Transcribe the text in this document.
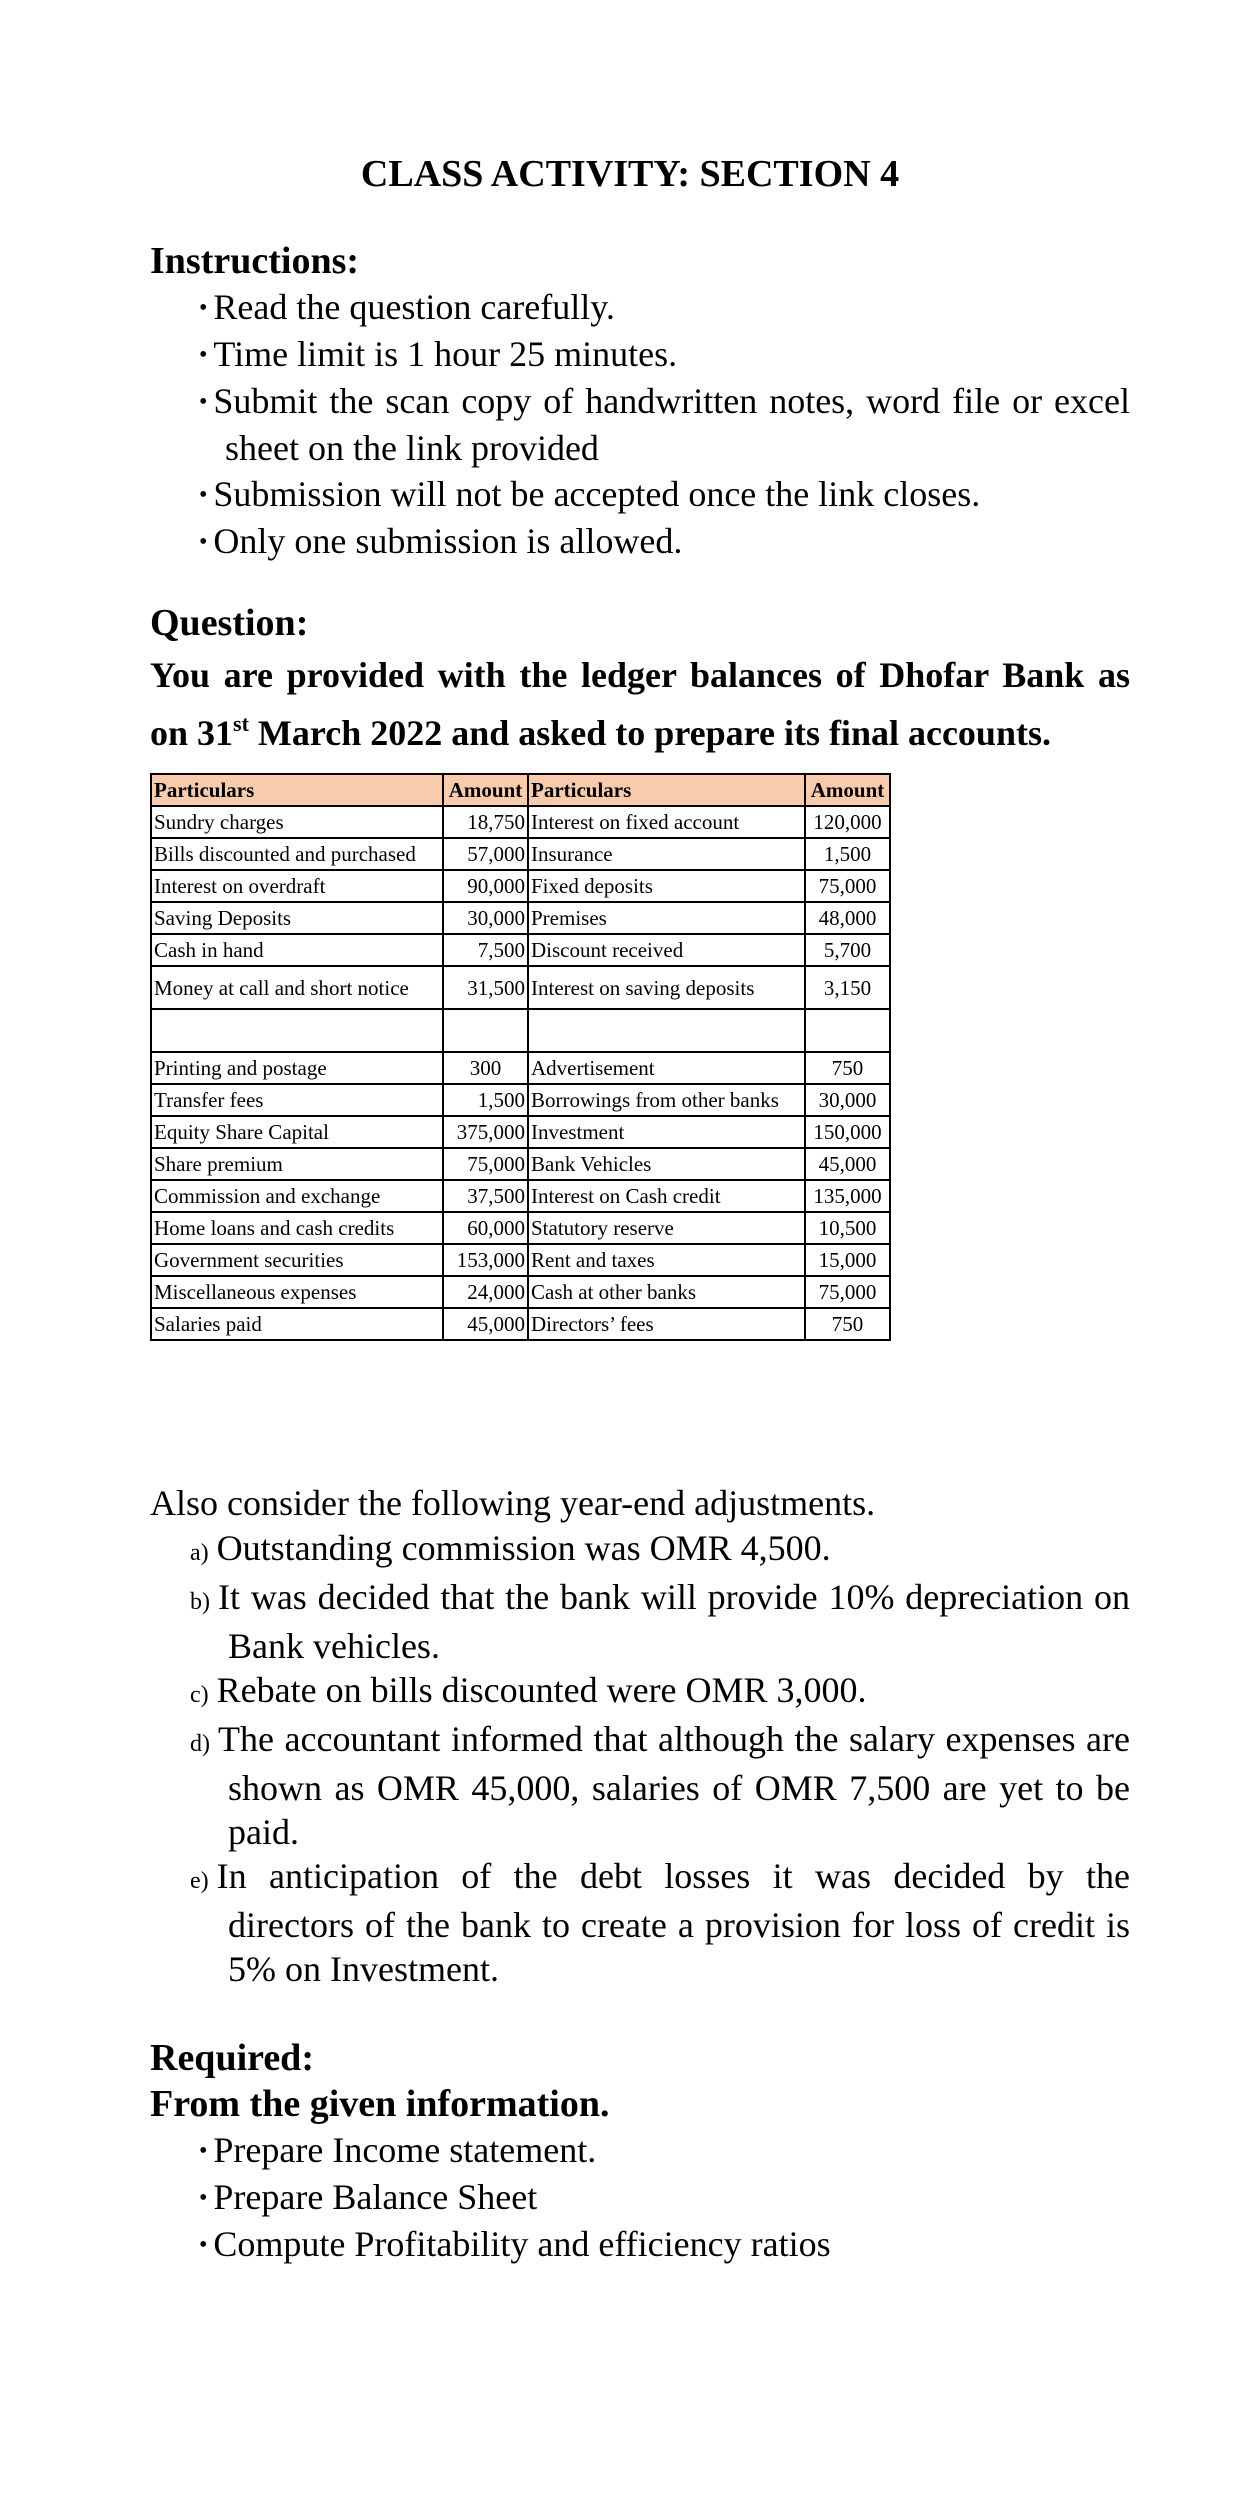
CLASS ACTIVITY: SECTION 4
Instructions:
• Read the question carefully.
• Time limit is 1 hour 25 minutes.
• Submit the scan copy of handwritten notes, word file or excel sheet on the link provided
• Submission will not be accepted once the link closes.
• Only one submission is allowed.
Question:
You are provided with the ledger balances of Dhofar Bank as on 31st March 2022 and asked to prepare its final accounts.
Particulars	Amount	Particulars	Amount
Sundry charges	18,750	Interest on fixed account	120,000
Bills discounted and purchased	57,000	Insurance	1,500
Interest on overdraft	90,000	Fixed deposits	75,000
Saving Deposits	30,000	Premises	48,000
Cash in hand	7,500	Discount received	5,700
Money at call and short notice	31,500	Interest on saving deposits	3,150

Printing and postage	300	Advertisement	750
Transfer fees	1,500	Borrowings from other banks	30,000
Equity Share Capital	375,000	Investment	150,000
Share premium	75,000	Bank Vehicles	45,000
Commission and exchange	37,500	Interest on Cash credit	135,000
Home loans and cash credits	60,000	Statutory reserve	10,500
Government securities	153,000	Rent and taxes	15,000
Miscellaneous expenses	24,000	Cash at other banks	75,000
Salaries paid	45,000	Directors’ fees	750
Also consider the following year-end adjustments.
a) Outstanding commission was OMR 4,500.
b) It was decided that the bank will provide 10% depreciation on Bank vehicles.
c) Rebate on bills discounted were OMR 3,000.
d) The accountant informed that although the salary expenses are shown as OMR 45,000, salaries of OMR 7,500 are yet to be paid.
e) In anticipation of the debt losses it was decided by the directors of the bank to create a provision for loss of credit is 5% on Investment.
Required:
From the given information.
• Prepare Income statement.
• Prepare Balance Sheet
• Compute Profitability and efficiency ratios
